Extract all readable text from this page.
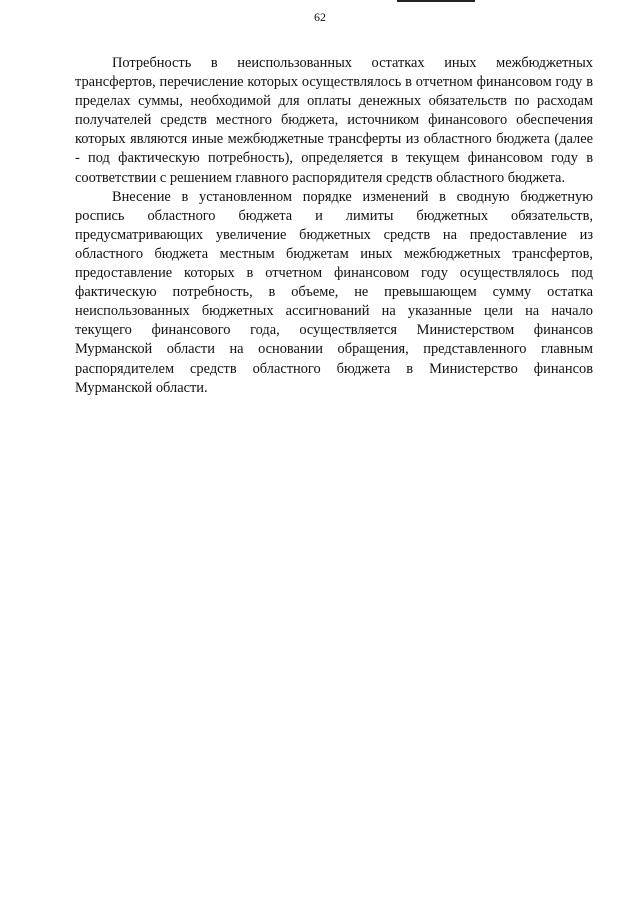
62

Потребность в неиспользованных остатках иных межбюджетных трансфертов, перечисление которых осуществлялось в отчетном финансовом году в пределах суммы, необходимой для оплаты денежных обязательств по расходам получателей средств местного бюджета, источником финансового обеспечения которых являются иные межбюджетные трансферты из областного бюджета (далее - под фактическую потребность), определяется в текущем финансовом году в соответствии с решением главного распорядителя средств областного бюджета.

Внесение в установленном порядке изменений в сводную бюджетную роспись областного бюджета и лимиты бюджетных обязательств, предусматривающих увеличение бюджетных средств на предоставление из областного бюджета местным бюджетам иных межбюджетных трансфертов, предоставление которых в отчетном финансовом году осуществлялось под фактическую потребность, в объеме, не превышающем сумму остатка неиспользованных бюджетных ассигнований на указанные цели на начало текущего финансового года, осуществляется Министерством финансов Мурманской области на основании обращения, представленного главным распорядителем средств областного бюджета в Министерство финансов Мурманской области.
